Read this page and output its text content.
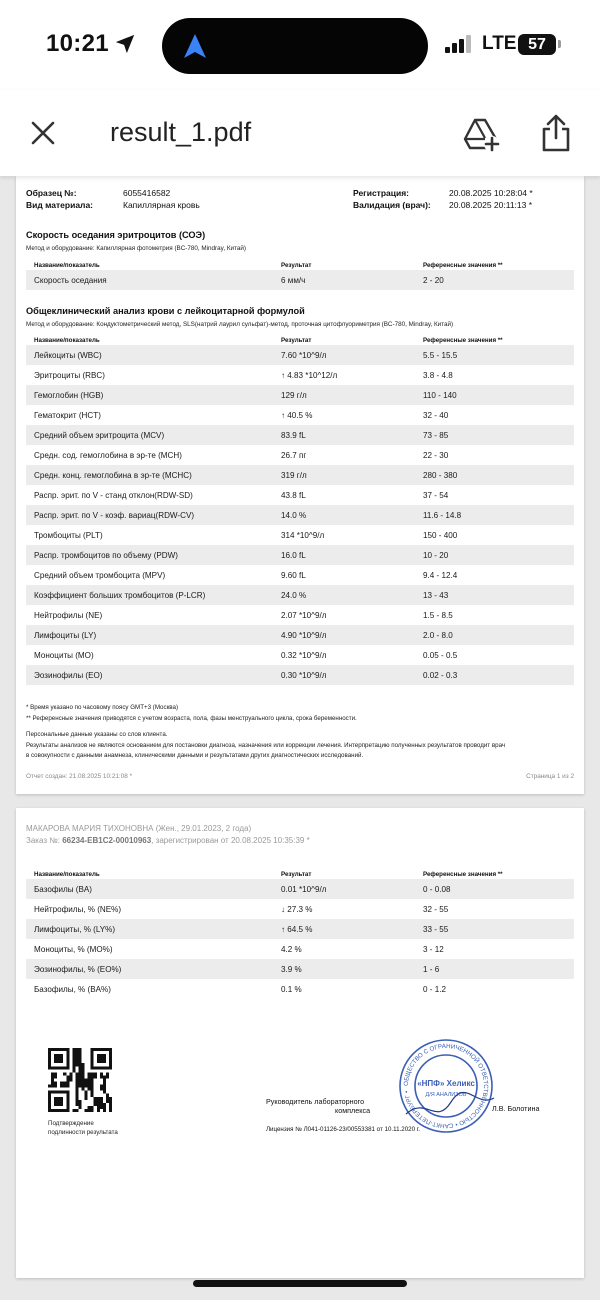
10:21	LTE 57
result_1.pdf
Образец №:	6055416582
Вид материала:	Капиллярная кровь
Регистрация:	20.08.2025 10:28:04 *
Валидация (врач): 20.08.2025 20:11:13 *
Скорость оседания эритроцитов (СОЭ)
Метод и оборудование: Капиллярная фотометрия (BC-780, Mindray, Китай)
Название/показатель	Результат	Референсные значения **
Скорость оседания	6 мм/ч	2 - 20
Общеклинический анализ крови с лейкоцитарной формулой
Метод и оборудование: Кондуктометрический метод, SLS(натрий лаурил сульфат)-метод, проточная цитофлуориметрия (BC-780, Mindray, Китай)
Название/показатель	Результат	Референсные значения **
Лейкоциты (WBC)	7.60 *10^9/л	5.5 - 15.5
Эритроциты (RBC)	↑ 4.83 *10^12/л	3.8 - 4.8
Гемоглобин (HGB)	129 г/л	110 - 140
Гематокрит (HCT)	↑ 40.5 %	32 - 40
Средний объем эритроцита (MCV)	83.9 fL	73 - 85
Средн. сод. гемоглобина в эр-те (MCH)	26.7 пг	22 - 30
Средн. конц. гемоглобина в эр-те (MCHC)	319 г/л	280 - 380
Распр. эрит. по V - станд отклон(RDW-SD)	43.8 fL	37 - 54
Распр. эрит. по V - коэф. вариац(RDW-CV)	14.0 %	11.6 - 14.8
Тромбоциты (PLT)	314 *10^9/л	150 - 400
Распр. тромбоцитов по объему (PDW)	16.0 fL	10 - 20
Средний объем тромбоцита (MPV)	9.60 fL	9.4 - 12.4
Коэффициент больших тромбоцитов (P-LCR)	24.0 %	13 - 43
Нейтрофилы (NE)	2.07 *10^9/л	1.5 - 8.5
Лимфоциты (LY)	4.90 *10^9/л	2.0 - 8.0
Моноциты (MO)	0.32 *10^9/л	0.05 - 0.5
Эозинофилы (EO)	0.30 *10^9/л	0.02 - 0.3
* Время указано по часовому поясу GMT+3 (Москва)
** Референсные значения приводятся с учетом возраста, пола, фазы менструального цикла, срока беременности.
Персональные данные указаны со слов клиента.
Результаты анализов не являются основанием для постановки диагноза, назначения или коррекции лечения. Интерпретацию полученных результатов проводит врач
в совокупности с данными анамнеза, клиническими данными и результатами других диагностических исследований.
Отчет создан: 21.08.2025 10:21:08 *	Страница 1 из 2
МАКАРОВА МАРИЯ ТИХОНОВНА (Жен., 29.01.2023, 2 года)
Заказ №: 66234-EB1C2-00010963, зарегистрирован от 20.08.2025 10:35:39 *
Название/показатель	Результат	Референсные значения **
Базофилы (BA)	0.01 *10^9/л	0 - 0.08
Нейтрофилы, % (NE%)	↓ 27.3 %	32 - 55
Лимфоциты, % (LY%)	↑ 64.5 %	33 - 55
Моноциты, % (MO%)	4.2 %	3 - 12
Эозинофилы, % (EO%)	3.9 %	1 - 6
Базофилы, % (BA%)	0.1 %	0 - 1.2
Подтверждение
подлинности результата
Руководитель лабораторного
комплекса	Л.В. Болотина
Лицензия № Л041-01126-23/00553381 от 10.11.2020 г.
ОБЩЕСТВО С ОГРАНИЧЕННОЙ ОТВЕТСТВЕННОСТЬЮ • САНКТ-ПЕТЕРБУРГ •
«НПФ» Хеликс
Д/Я АНАЛИЗОВ
